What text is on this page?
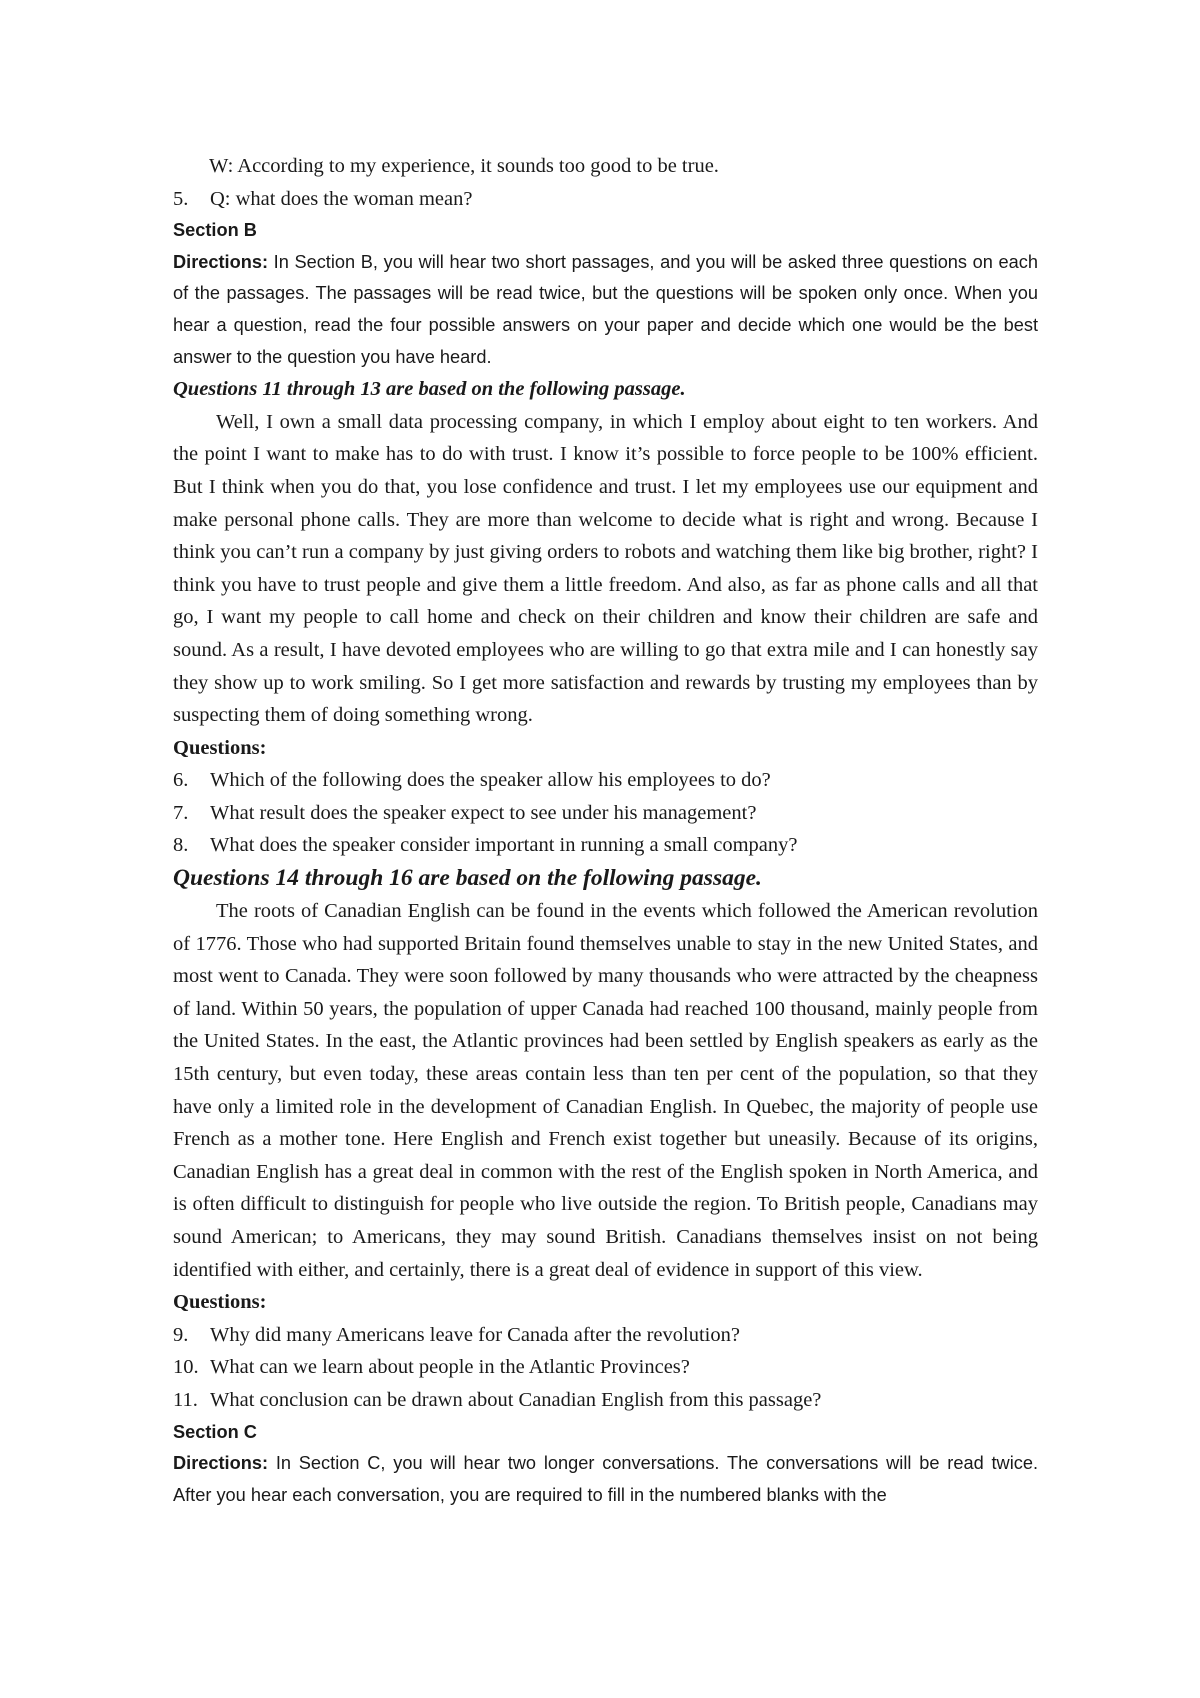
W: According to my experience, it sounds too good to be true.

5.	Q: what does the woman mean?

Section B

Directions: In Section B, you will hear two short passages, and you will be asked three questions on each of the passages. The passages will be read twice, but the questions will be spoken only once. When you hear a question, read the four possible answers on your paper and decide which one would be the best answer to the question you have heard.

Questions 11 through 13 are based on the following passage.

Well, I own a small data processing company, in which I employ about eight to ten workers. And the point I want to make has to do with trust. I know it’s possible to force people to be 100% efficient. But I think when you do that, you lose confidence and trust. I let my employees use our equipment and make personal phone calls. They are more than welcome to decide what is right and wrong. Because I think you can’t run a company by just giving orders to robots and watching them like big brother, right? I think you have to trust people and give them a little freedom. And also, as far as phone calls and all that go, I want my people to call home and check on their children and know their children are safe and sound. As a result, I have devoted employees who are willing to go that extra mile and I can honestly say they show up to work smiling. So I get more satisfaction and rewards by trusting my employees than by suspecting them of doing something wrong.

Questions:

6.	Which of the following does the speaker allow his employees to do?
7.	What result does the speaker expect to see under his management?
8.	What does the speaker consider important in running a small company?

Questions 14 through 16 are based on the following passage.

The roots of Canadian English can be found in the events which followed the American revolution of 1776. Those who had supported Britain found themselves unable to stay in the new United States, and most went to Canada. They were soon followed by many thousands who were attracted by the cheapness of land. Within 50 years, the population of upper Canada had reached 100 thousand, mainly people from the United States. In the east, the Atlantic provinces had been settled by English speakers as early as the 15th century, but even today, these areas contain less than ten per cent of the population, so that they have only a limited role in the development of Canadian English. In Quebec, the majority of people use French as a mother tone. Here English and French exist together but uneasily. Because of its origins, Canadian English has a great deal in common with the rest of the English spoken in North America, and is often difficult to distinguish for people who live outside the region. To British people, Canadians may sound American; to Americans, they may sound British. Canadians themselves insist on not being identified with either, and certainly, there is a great deal of evidence in support of this view.

Questions:

9.	Why did many Americans leave for Canada after the revolution?
10. What can we learn about people in the Atlantic Provinces?
11. What conclusion can be drawn about Canadian English from this passage?

Section C

Directions: In Section C, you will hear two longer conversations. The conversations will be read twice. After you hear each conversation, you are required to fill in the numbered blanks with the
